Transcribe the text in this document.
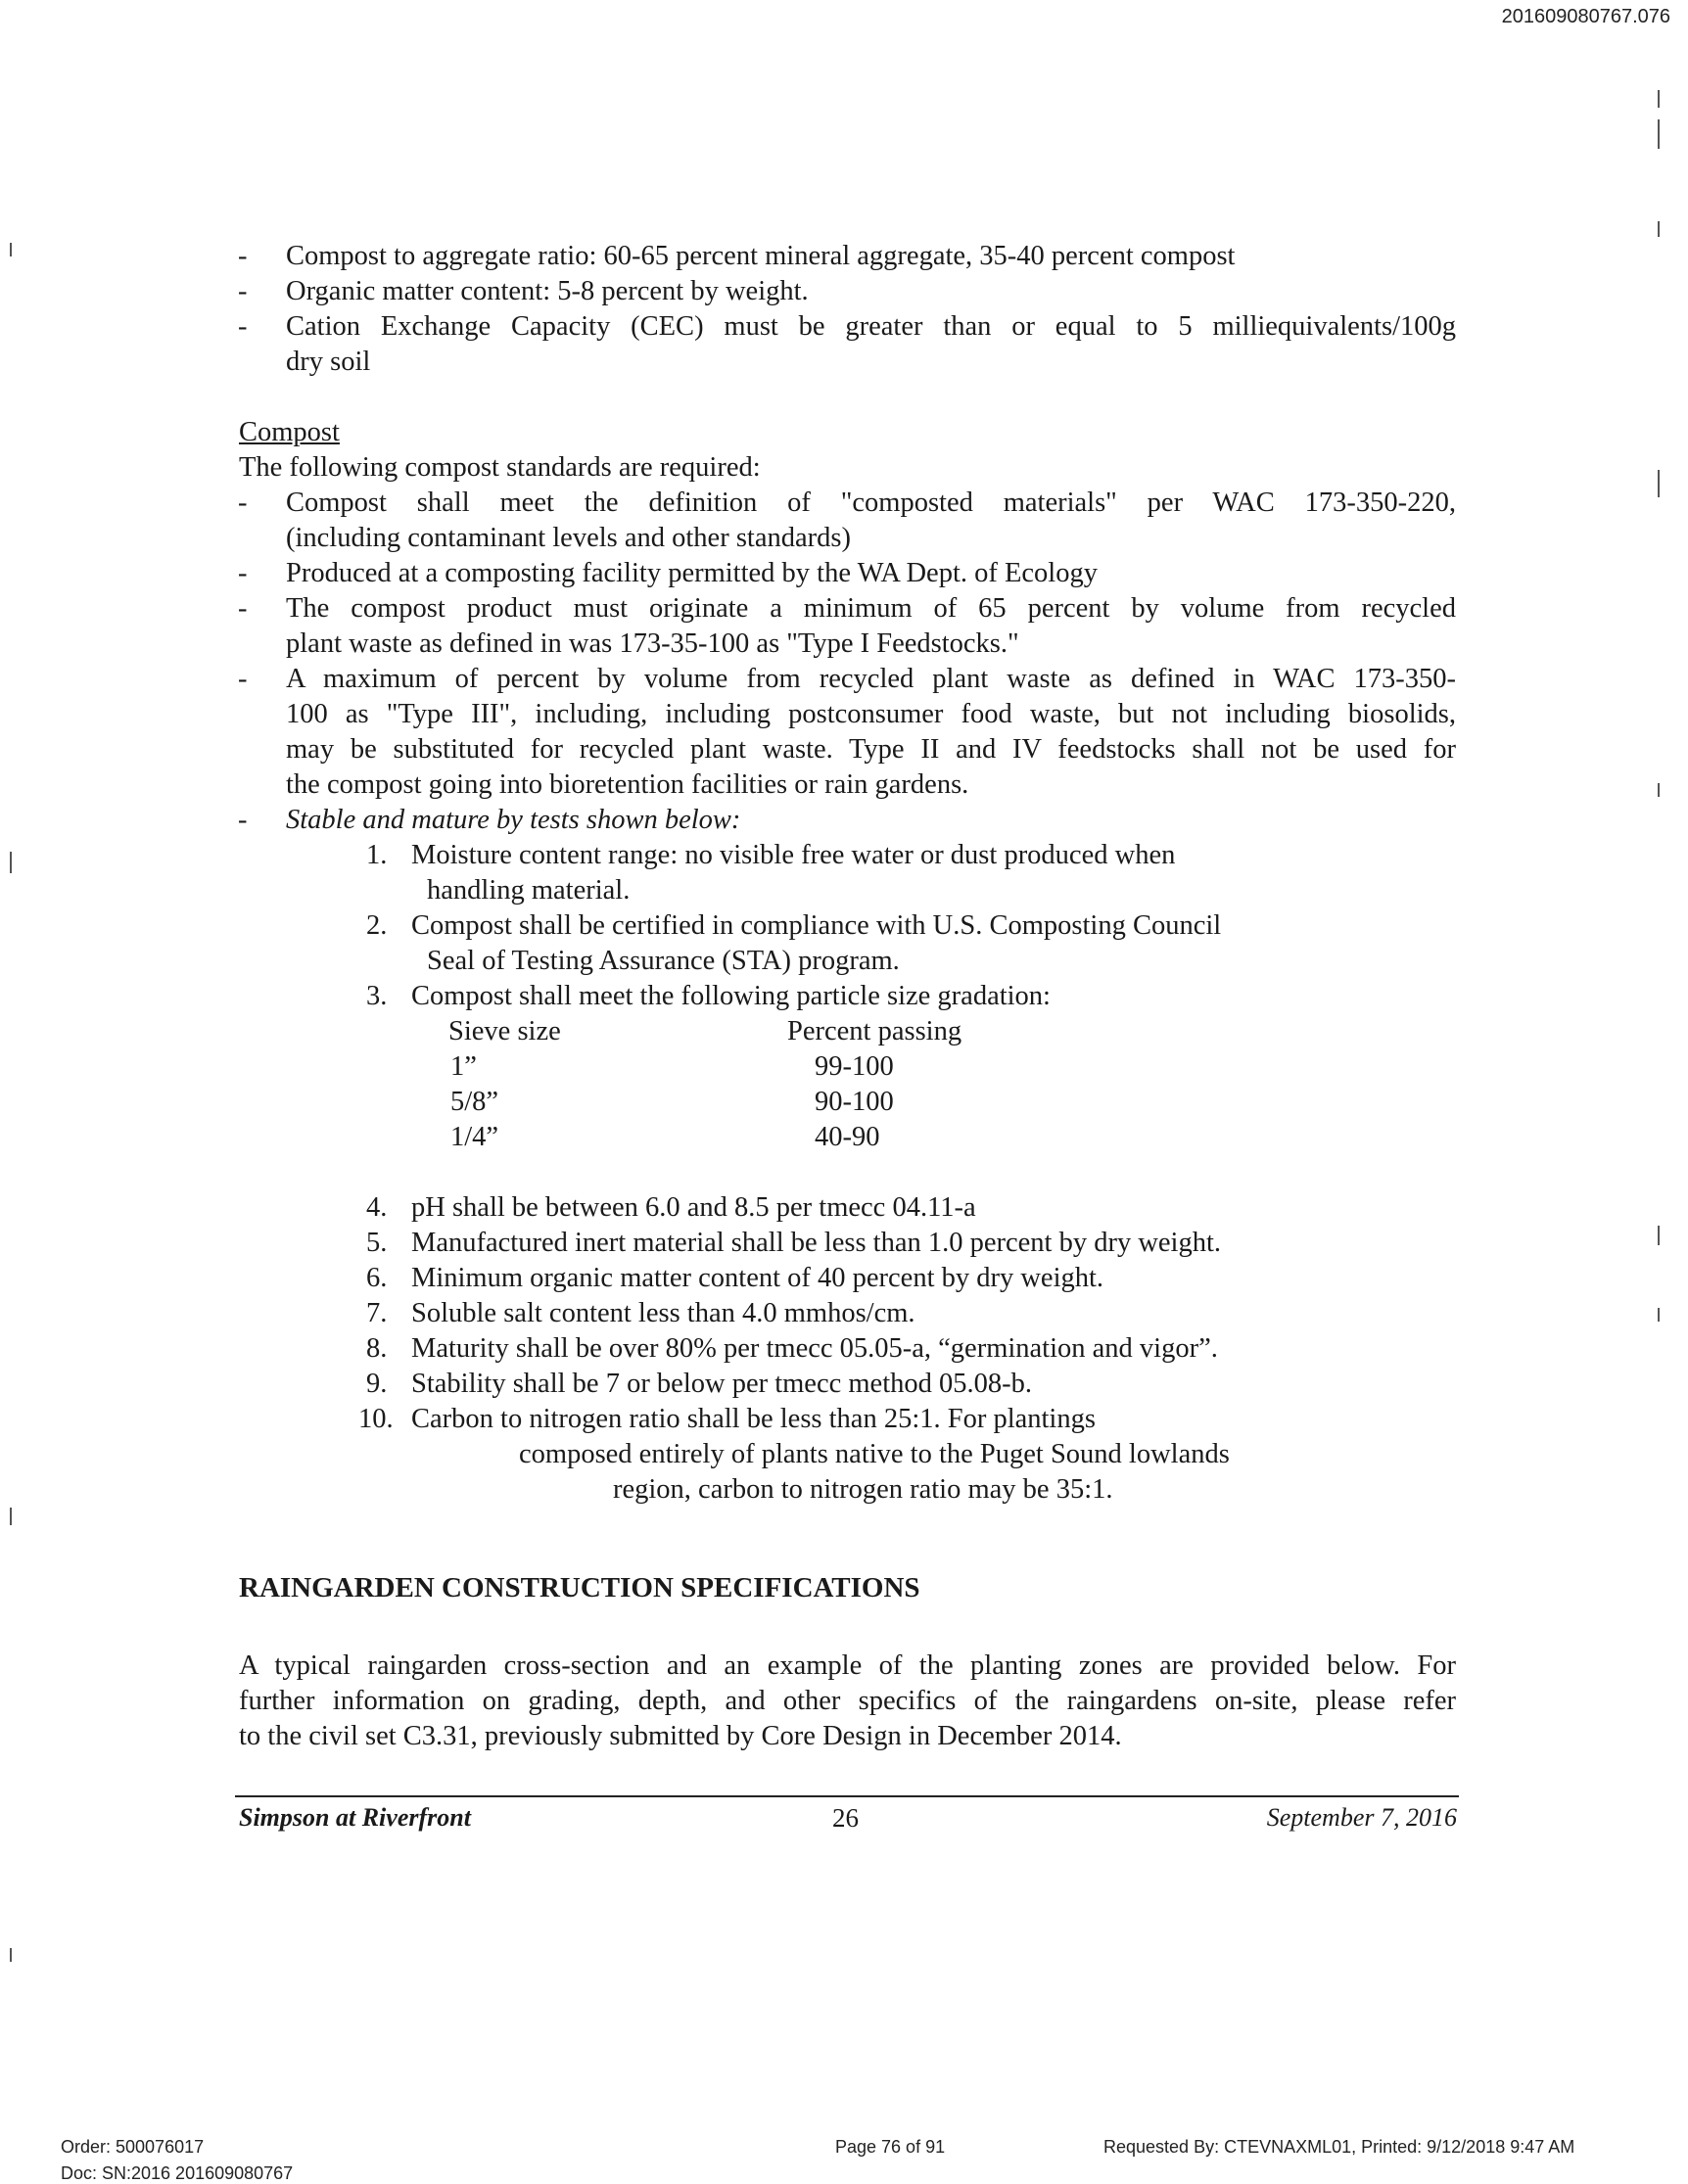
201609080767.076
- Compost to aggregate ratio: 60-65 percent mineral aggregate, 35-40 percent compost
- Organic matter content: 5-8 percent by weight.
- Cation Exchange Capacity (CEC) must be greater than or equal to 5 milliequivalents/100g
dry soil
Compost
The following compost standards are required:
- Compost shall meet the definition of "composted materials" per WAC 173-350-220,
(including contaminant levels and other standards)
- Produced at a composting facility permitted by the WA Dept. of Ecology
- The compost product must originate a minimum of 65 percent by volume from recycled
plant waste as defined in was 173-35-100 as "Type I Feedstocks."
- A maximum of percent by volume from recycled plant waste as defined in WAC 173-350-
100 as "Type III", including, including postconsumer food waste, but not including biosolids,
may be substituted for recycled plant waste. Type II and IV feedstocks shall not be used for
the compost going into bioretention facilities or rain gardens.
- Stable and mature by tests shown below:
1. Moisture content range: no visible free water or dust produced when
handling material.
2. Compost shall be certified in compliance with U.S. Composting Council
Seal of Testing Assurance (STA) program.
3. Compost shall meet the following particle size gradation:
Sieve size	Percent passing
1”	99-100
5/8”	90-100
1/4”	40-90
4. pH shall be between 6.0 and 8.5 per tmecc 04.11-a
5. Manufactured inert material shall be less than 1.0 percent by dry weight.
6. Minimum organic matter content of 40 percent by dry weight.
7. Soluble salt content less than 4.0 mmhos/cm.
8. Maturity shall be over 80% per tmecc 05.05-a, “germination and vigor”.
9. Stability shall be 7 or below per tmecc method 05.08-b.
10. Carbon to nitrogen ratio shall be less than 25:1. For plantings
composed entirely of plants native to the Puget Sound lowlands
region, carbon to nitrogen ratio may be 35:1.
RAINGARDEN CONSTRUCTION SPECIFICATIONS
A typical raingarden cross-section and an example of the planting zones are provided below. For
further information on grading, depth, and other specifics of the raingardens on-site, please refer
to the civil set C3.31, previously submitted by Core Design in December 2014.
Simpson at Riverfront	26	September 7, 2016
Order: 500076017
Doc: SN:2016 201609080767
Page 76 of 91	Requested By: CTEVNAXML01, Printed: 9/12/2018 9:47 AM
